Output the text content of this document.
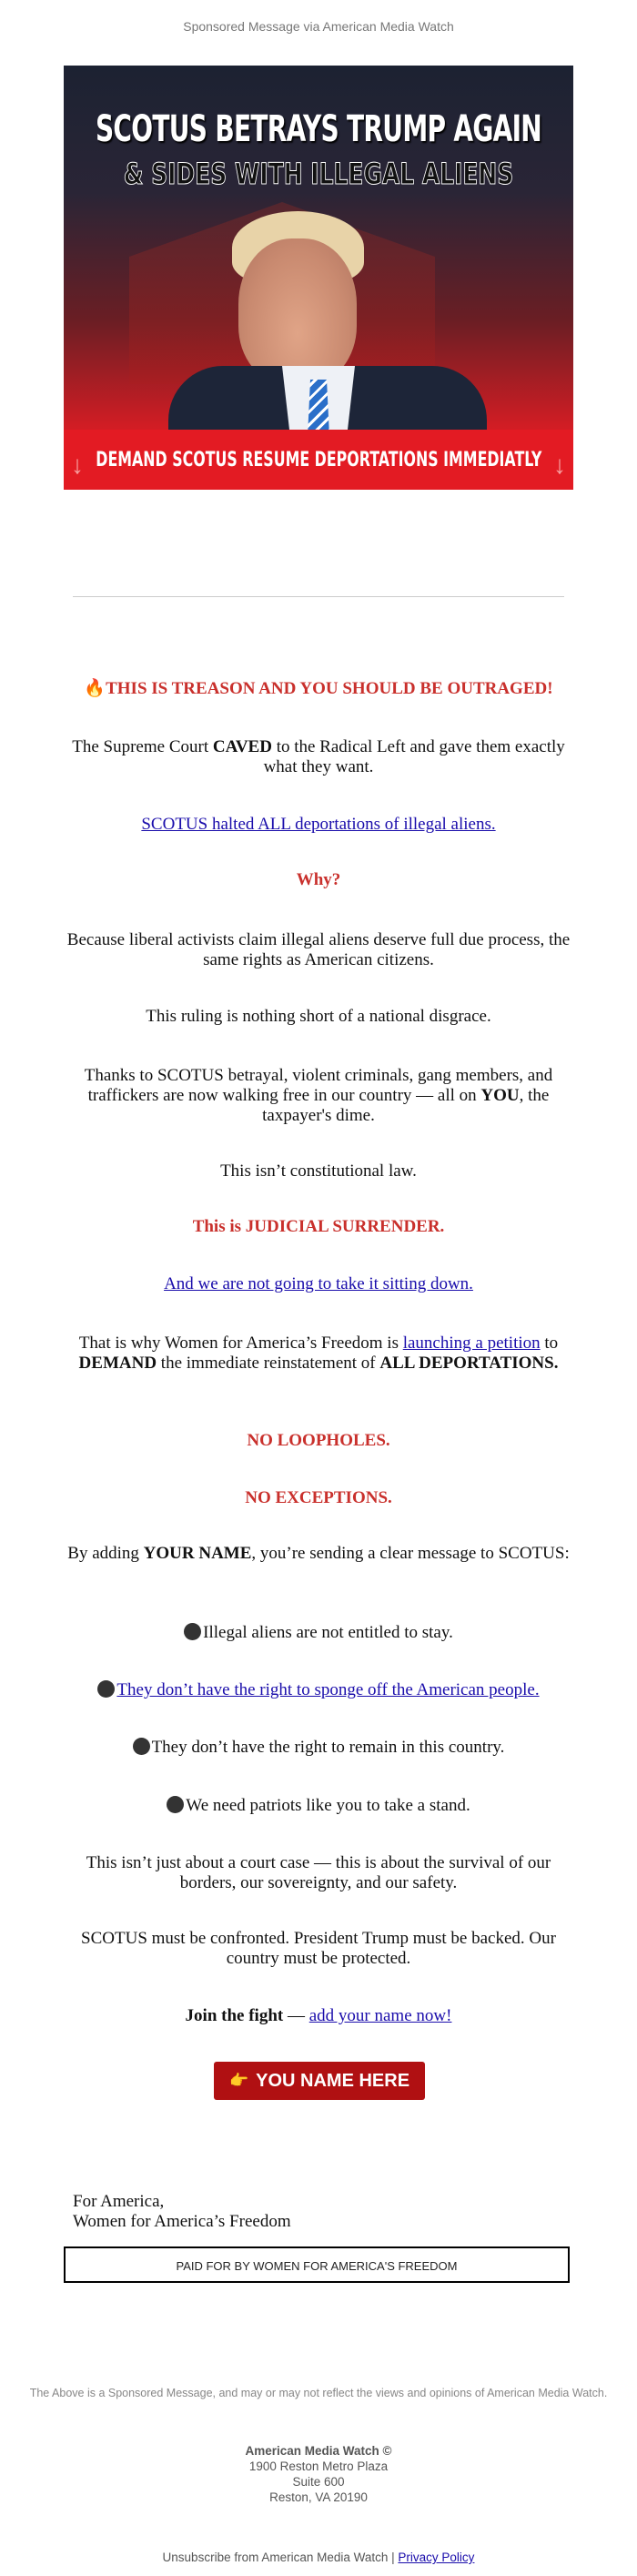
Sponsored Message via American Media Watch
SCOTUS BETRAYS TRUMP AGAIN
& SIDES WITH ILLEGAL ALIENS
DEMAND SCOTUS RESUME DEPORTATIONS IMMEDIATLY
↓	↓
🔥THIS IS TREASON AND YOU SHOULD BE OUTRAGED!
The Supreme Court CAVED to the Radical Left and gave them exactly what they want.
SCOTUS halted ALL deportations of illegal aliens.
Why?
Because liberal activists claim illegal aliens deserve full due process, the same rights as American citizens.
This ruling is nothing short of a national disgrace.
Thanks to SCOTUS betrayal, violent criminals, gang members, and traffickers are now walking free in our country — all on YOU, the taxpayer's dime.
This isn’t constitutional law.
This is JUDICIAL SURRENDER.
And we are not going to take it sitting down.
That is why Women for America’s Freedom is launching a petition to DEMAND the immediate reinstatement of ALL DEPORTATIONS.
NO LOOPHOLES.
NO EXCEPTIONS.
By adding YOUR NAME, you’re sending a clear message to SCOTUS:
Illegal aliens are not entitled to stay.
They don’t have the right to sponge off the American people.
They don’t have the right to remain in this country.
We need patriots like you to take a stand.
This isn’t just about a court case — this is about the survival of our borders, our sovereignty, and our safety.
SCOTUS must be confronted. President Trump must be backed. Our country must be protected.
Join the fight — add your name now!
👉 YOU NAME HERE
For America,
Women for America’s Freedom
PAID FOR BY WOMEN FOR AMERICA'S FREEDOM
The Above is a Sponsored Message, and may or may not reflect the views and opinions of American Media Watch.
American Media Watch ©
1900 Reston Metro Plaza
Suite 600
Reston, VA 20190
Unsubscribe from American Media Watch | Privacy Policy
